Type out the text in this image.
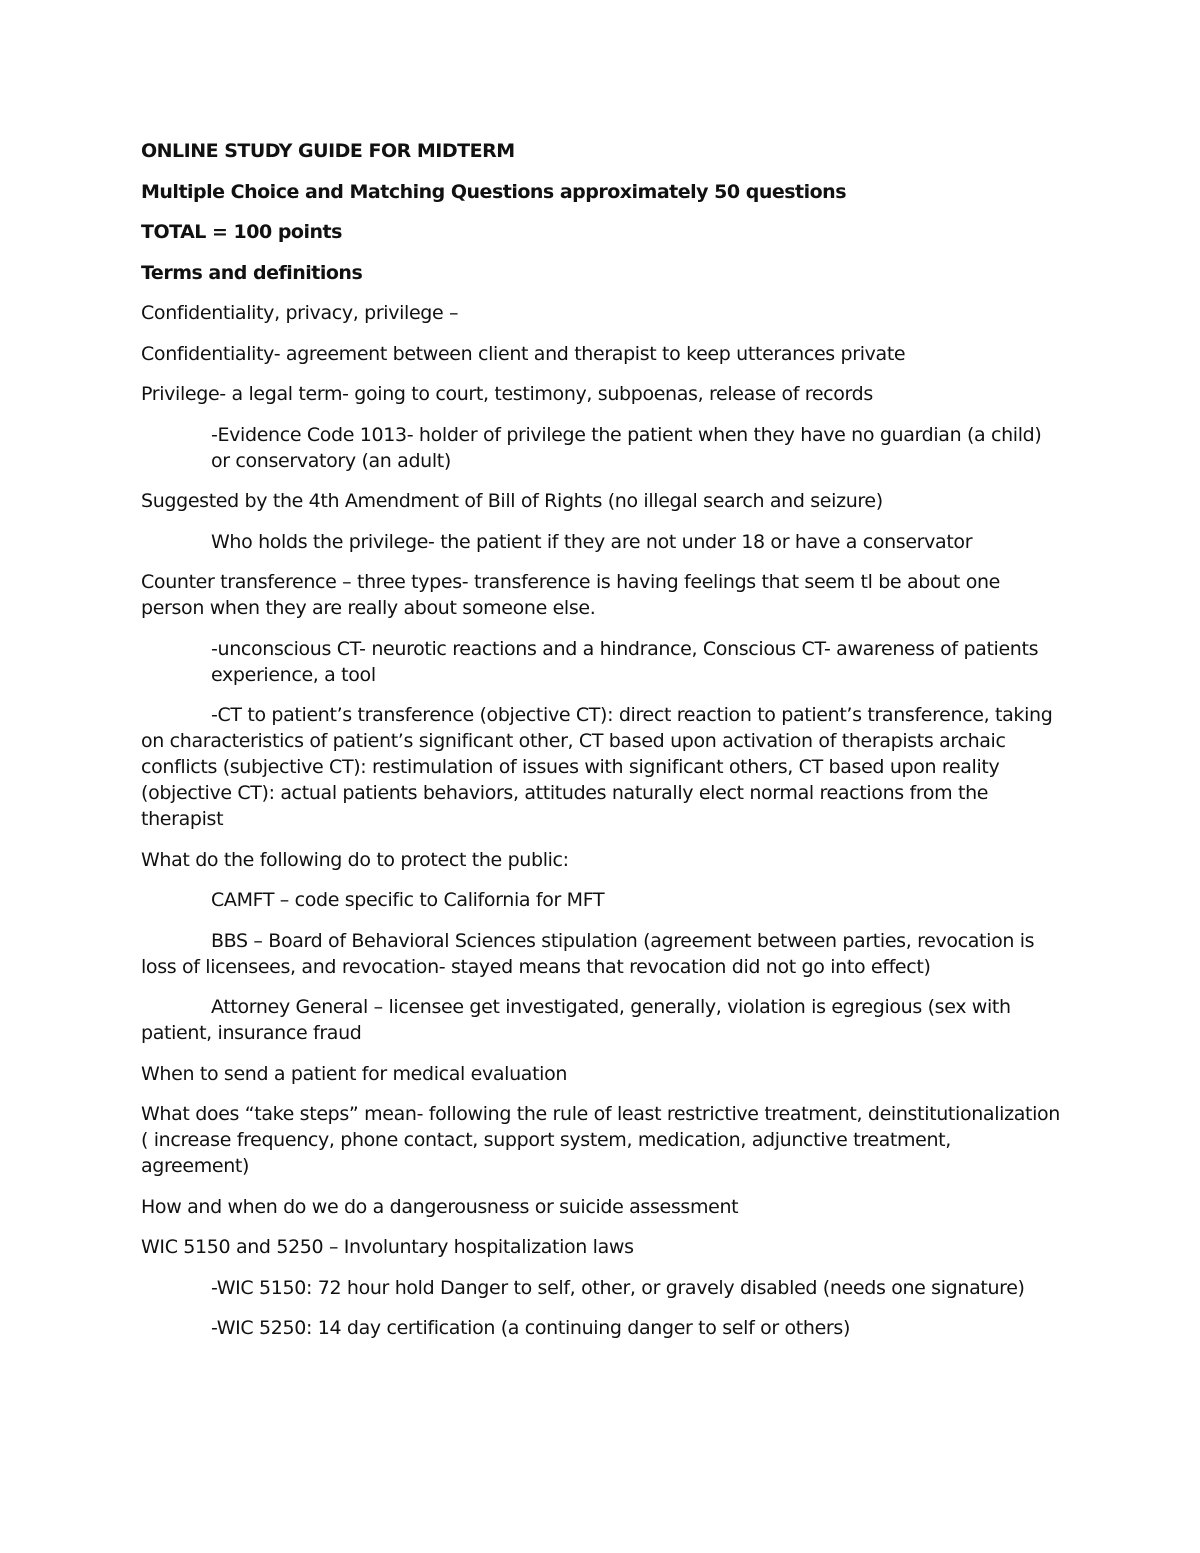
ONLINE STUDY GUIDE FOR MIDTERM

Multiple Choice and Matching Questions approximately 50 questions

TOTAL = 100 points

Terms and definitions

Confidentiality, privacy, privilege –

Confidentiality- agreement between client and therapist to keep utterances private

Privilege- a legal term- going to court, testimony, subpoenas, release of records

-Evidence Code 1013- holder of privilege the patient when they have no guardian (a child) or conservatory (an adult)

Suggested by the 4th Amendment of Bill of Rights (no illegal search and seizure)

Who holds the privilege- the patient if they are not under 18 or have a conservator

Counter transference – three types- transference is having feelings that seem tl be about one person when they are really about someone else.

-unconscious CT- neurotic reactions and a hindrance, Conscious CT- awareness of patients experience, a tool

-CT to patient’s transference (objective CT): direct reaction to patient’s transference, taking on characteristics of patient’s significant other, CT based upon activation of therapists archaic conflicts (subjective CT): restimulation of issues with significant others, CT based upon reality (objective CT): actual patients behaviors, attitudes naturally elect normal reactions from the therapist

What do the following do to protect the public:

CAMFT – code specific to California for MFT

BBS – Board of Behavioral Sciences stipulation (agreement between parties, revocation is loss of licensees, and revocation- stayed means that revocation did not go into effect)

Attorney General – licensee get investigated, generally, violation is egregious (sex with patient, insurance fraud

When to send a patient for medical evaluation

What does “take steps” mean- following the rule of least restrictive treatment, deinstitutionalization ( increase frequency, phone contact, support system, medication, adjunctive treatment, agreement)

How and when do we do a dangerousness or suicide assessment

WIC 5150 and 5250 – Involuntary hospitalization laws

-WIC 5150: 72 hour hold Danger to self, other, or gravely disabled (needs one signature)

-WIC 5250: 14 day certification (a continuing danger to self or others)
